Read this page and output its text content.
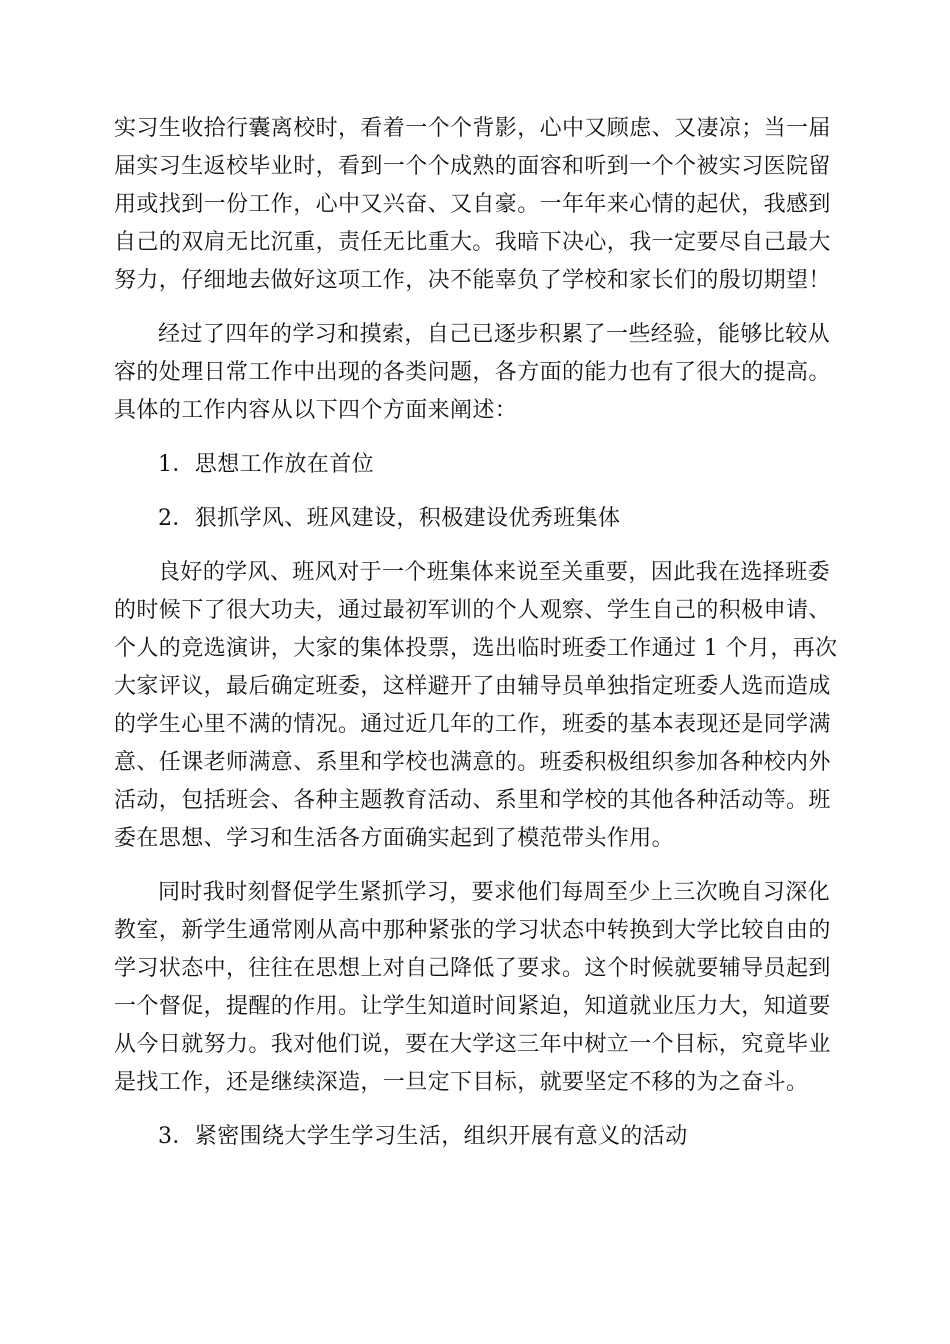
实习生收拾行囊离校时，看着一个个背影，心中又顾虑、又凄凉；当一届
届实习生返校毕业时，看到一个个成熟的面容和听到一个个被实习医院留
用或找到一份工作，心中又兴奋、又自豪。一年年来心情的起伏，我感到
自己的双肩无比沉重，责任无比重大。我暗下决心，我一定要尽自己最大
努力，仔细地去做好这项工作，决不能辜负了学校和家长们的殷切期望！

经过了四年的学习和摸索，自己已逐步积累了一些经验，能够比较从
容的处理日常工作中出现的各类问题，各方面的能力也有了很大的提高。
具体的工作内容从以下四个方面来阐述：

1．思想工作放在首位

2．狠抓学风、班风建设，积极建设优秀班集体

良好的学风、班风对于一个班集体来说至关重要，因此我在选择班委
的时候下了很大功夫，通过最初军训的个人观察、学生自己的积极申请、
个人的竞选演讲，大家的集体投票，选出临时班委工作通过 1 个月，再次
大家评议，最后确定班委，这样避开了由辅导员单独指定班委人选而造成
的学生心里不满的情况。通过近几年的工作，班委的基本表现还是同学满
意、任课老师满意、系里和学校也满意的。班委积极组织参加各种校内外
活动，包括班会、各种主题教育活动、系里和学校的其他各种活动等。班
委在思想、学习和生活各方面确实起到了模范带头作用。

同时我时刻督促学生紧抓学习，要求他们每周至少上三次晚自习深化
教室，新学生通常刚从高中那种紧张的学习状态中转换到大学比较自由的
学习状态中，往往在思想上对自己降低了要求。这个时候就要辅导员起到
一个督促，提醒的作用。让学生知道时间紧迫，知道就业压力大，知道要
从今日就努力。我对他们说，要在大学这三年中树立一个目标，究竟毕业
是找工作，还是继续深造，一旦定下目标，就要坚定不移的为之奋斗。

3．紧密围绕大学生学习生活，组织开展有意义的活动
